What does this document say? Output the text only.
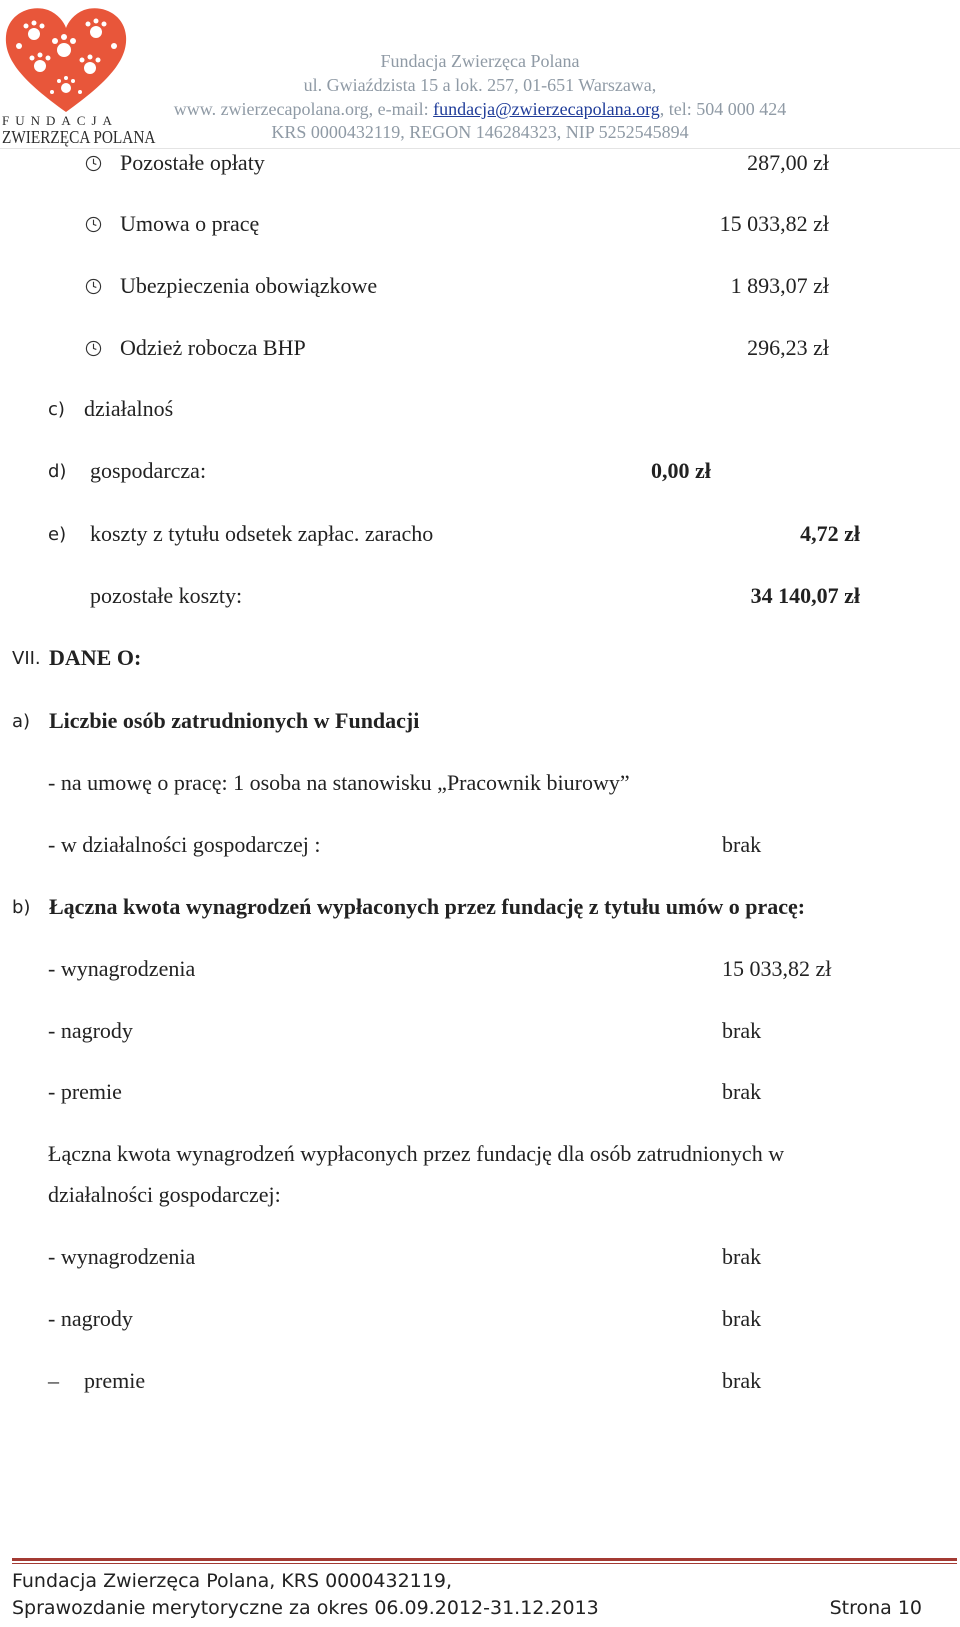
FUNDACJA
ZWIERZĘCA POLANA
Fundacja Zwierzęca Polana
ul. Gwiaździsta 15 a lok. 257, 01-651 Warszawa,
www. zwierzecapolana.org, e-mail: fundacja@zwierzecapolana.org, tel: 504 000 424
KRS 0000432119, REGON 146284323, NIP 5252545894
Pozostałe opłaty	287,00 zł
Umowa o pracę	15 033,82 zł
Ubezpieczenia obowiązkowe	1 893,07 zł
Odzież robocza BHP	296,23 zł
c) działalnoś
d) gospodarcza:	0,00 zł
e) koszty z tytułu odsetek zapłac. zaracho	4,72 zł
pozostałe koszty:	34 140,07 zł
VII. DANE O:
a) Liczbie osób zatrudnionych w Fundacji
- na umowę o pracę: 1 osoba na stanowisku „Pracownik biurowy”
- w działalności gospodarczej :	brak
b) Łączna kwota wynagrodzeń wypłaconych przez fundację z tytułu umów o pracę:
- wynagrodzenia	15 033,82 zł
- nagrody	brak
- premie	brak
Łączna kwota wynagrodzeń wypłaconych przez fundację dla osób zatrudnionych w
działalności gospodarczej:
- wynagrodzenia	brak
- nagrody	brak
– premie	brak
Fundacja Zwierzęca Polana, KRS 0000432119,
Sprawozdanie merytoryczne za okres 06.09.2012-31.12.2013	Strona 10
